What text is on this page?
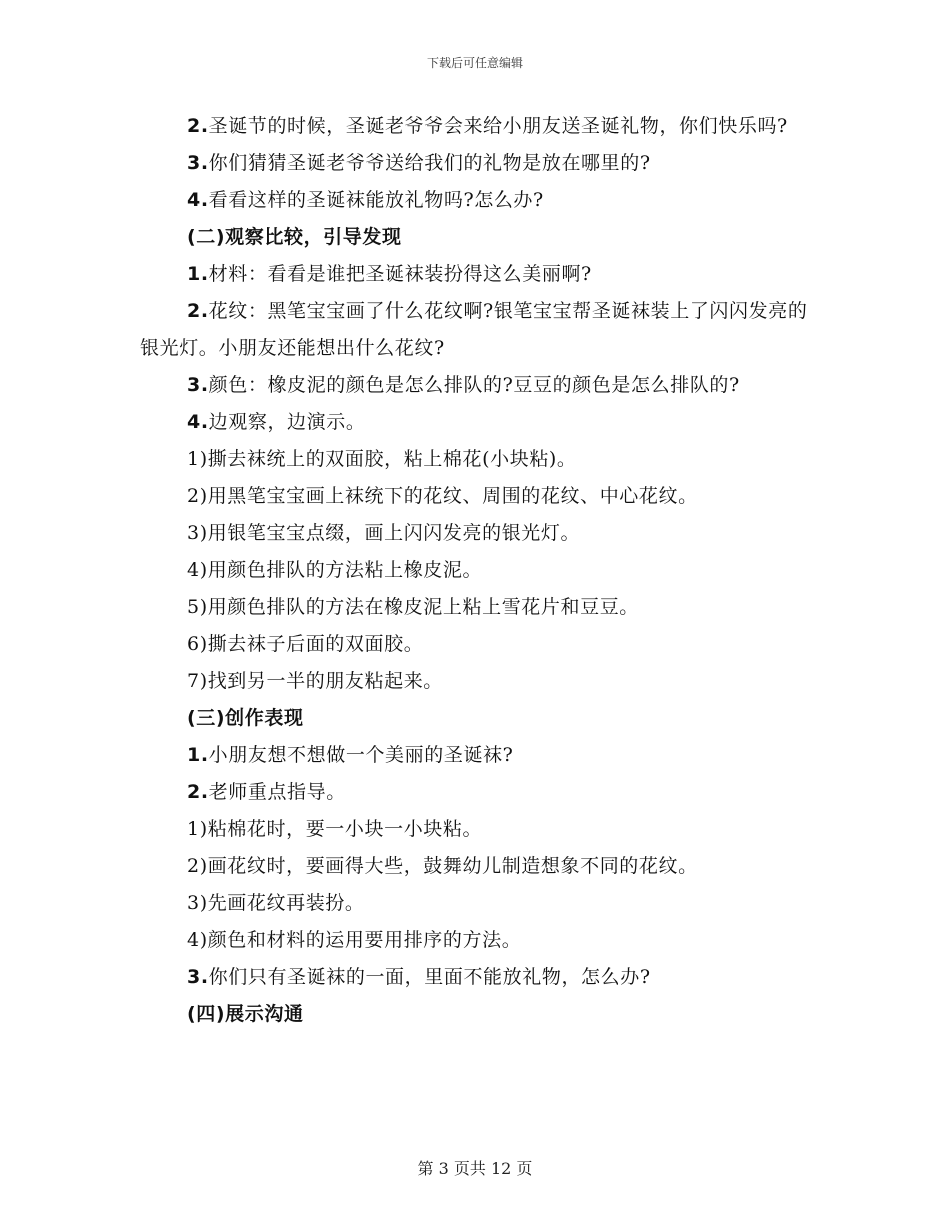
下载后可任意编辑

2.圣诞节的时候，圣诞老爷爷会来给小朋友送圣诞礼物，你们快乐吗?

3.你们猜猜圣诞老爷爷送给我们的礼物是放在哪里的?

4.看看这样的圣诞袜能放礼物吗?怎么办?

(二)观察比较，引导发现

1.材料：看看是谁把圣诞袜装扮得这么美丽啊?

2.花纹：黑笔宝宝画了什么花纹啊?银笔宝宝帮圣诞袜装上了闪闪发亮的银光灯。小朋友还能想出什么花纹?

3.颜色：橡皮泥的颜色是怎么排队的?豆豆的颜色是怎么排队的?

4.边观察，边演示。

1)撕去袜统上的双面胶，粘上棉花(小块粘)。

2)用黑笔宝宝画上袜统下的花纹、周围的花纹、中心花纹。

3)用银笔宝宝点缀，画上闪闪发亮的银光灯。

4)用颜色排队的方法粘上橡皮泥。

5)用颜色排队的方法在橡皮泥上粘上雪花片和豆豆。

6)撕去袜子后面的双面胶。

7)找到另一半的朋友粘起来。

(三)创作表现

1.小朋友想不想做一个美丽的圣诞袜?

2.老师重点指导。

1)粘棉花时，要一小块一小块粘。

2)画花纹时，要画得大些，鼓舞幼儿制造想象不同的花纹。

3)先画花纹再装扮。

4)颜色和材料的运用要用排序的方法。

3.你们只有圣诞袜的一面，里面不能放礼物，怎么办?

(四)展示沟通

第 3 页共 12 页
